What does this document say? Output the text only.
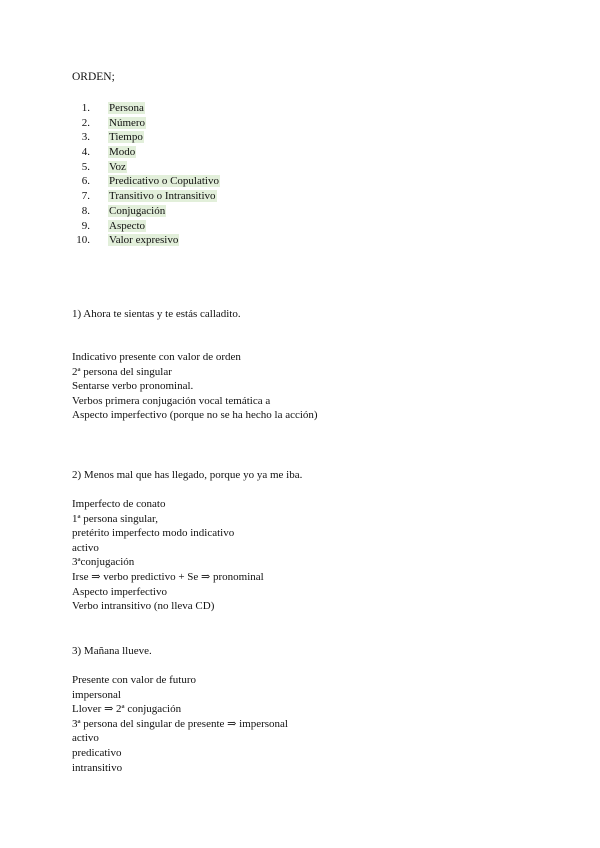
ORDEN;

1. Persona
2. Número
3. Tiempo
4. Modo
5. Voz
6. Predicativo o Copulativo
7. Transitivo o Intransitivo
8. Conjugación
9. Aspecto
10. Valor expresivo

1) Ahora te sientas y te estás calladito.

Indicativo presente con valor de orden
2ª persona del singular
Sentarse verbo pronominal.
Verbos primera conjugación vocal temática a
Aspecto imperfectivo (porque no se ha hecho la acción)

2) Menos mal que has llegado, porque yo ya me iba.

Imperfecto de conato
1ª persona singular,
pretérito imperfecto modo indicativo
activo
3ªconjugación
Irse ⇒ verbo predictivo + Se ⇒ pronominal
Aspecto imperfectivo
Verbo intransitivo (no lleva CD)

3) Mañana llueve.

Presente con valor de futuro
impersonal
Llover ⇒ 2ª conjugación
3ª persona del singular de presente ⇒ impersonal
activo
predicativo
intransitivo
